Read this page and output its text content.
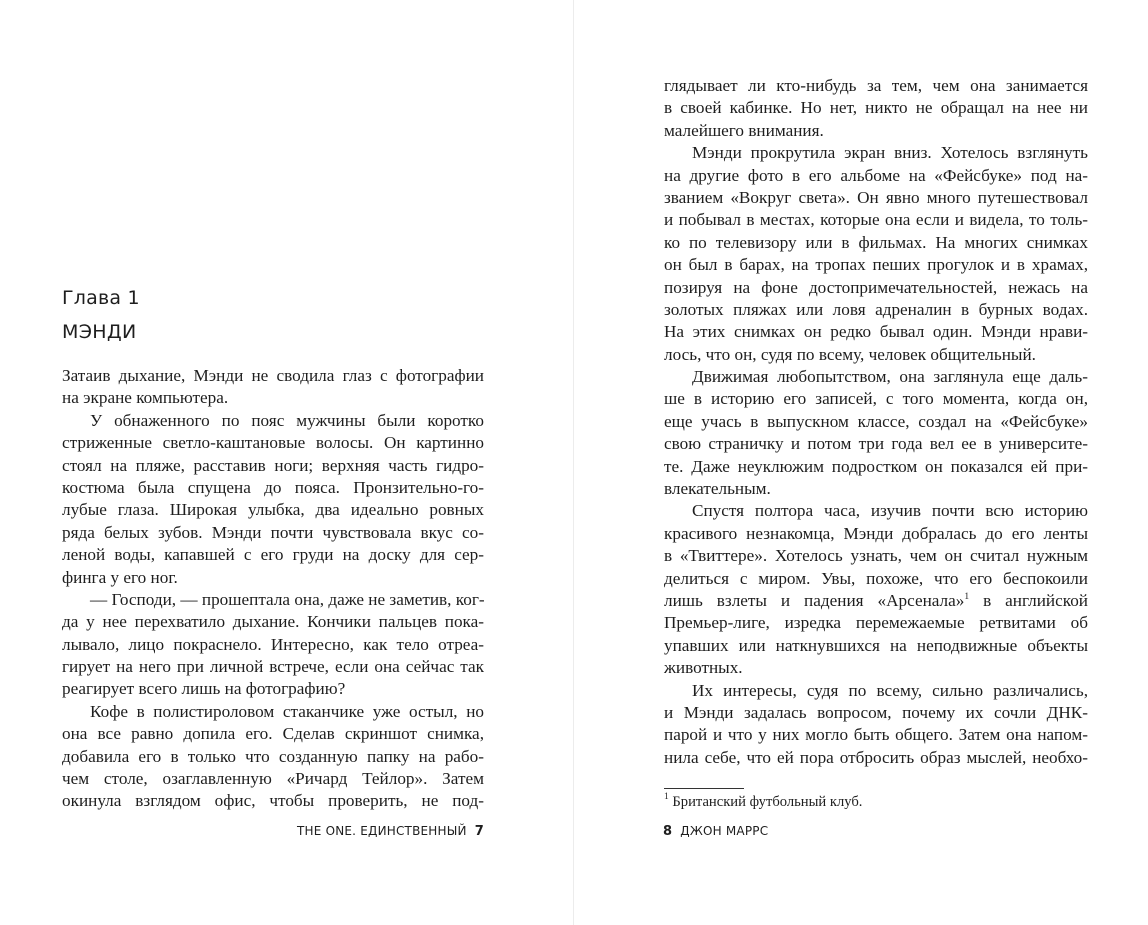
Глава 1
МЭНДИ
Затаив дыхание, Мэнди не сводила глаз с фотографии
на экране компьютера.
У обнаженного по пояс мужчины были коротко
стриженные светло-каштановые волосы. Он картинно
стоял на пляже, расставив ноги; верхняя часть гидро-
костюма была спущена до пояса. Пронзительно-го-
лубые глаза. Широкая улыбка, два идеально ровных
ряда белых зубов. Мэнди почти чувствовала вкус со-
леной воды, капавшей с его груди на доску для сер-
финга у его ног.
— Господи, — прошептала она, даже не заметив, ког-
да у нее перехватило дыхание. Кончики пальцев пока-
лывало, лицо покраснело. Интересно, как тело отреа-
гирует на него при личной встрече, если она сейчас так
реагирует всего лишь на фотографию?
Кофе в полистироловом стаканчике уже остыл, но
она все равно допила его. Сделав скриншот снимка,
добавила его в только что созданную папку на рабо-
чем столе, озаглавленную «Ричард Тейлор». Затем
окинула взглядом офис, чтобы проверить, не под-
THE ONE. ЕДИНСТВЕННЫЙ 7
глядывает ли кто-нибудь за тем, чем она занимается
в своей кабинке. Но нет, никто не обращал на нее ни
малейшего внимания.
Мэнди прокрутила экран вниз. Хотелось взглянуть
на другие фото в его альбоме на «Фейсбуке» под на-
званием «Вокруг света». Он явно много путешествовал
и побывал в местах, которые она если и видела, то толь-
ко по телевизору или в фильмах. На многих снимках
он был в барах, на тропах пеших прогулок и в храмах,
позируя на фоне достопримечательностей, нежась на
золотых пляжах или ловя адреналин в бурных водах.
На этих снимках он редко бывал один. Мэнди нрави-
лось, что он, судя по всему, человек общительный.
Движимая любопытством, она заглянула еще даль-
ше в историю его записей, с того момента, когда он,
еще учась в выпускном классе, создал на «Фейсбуке»
свою страничку и потом три года вел ее в университе-
те. Даже неуклюжим подростком он показался ей при-
влекательным.
Спустя полтора часа, изучив почти всю историю
красивого незнакомца, Мэнди добралась до его ленты
в «Твиттере». Хотелось узнать, чем он считал нужным
делиться с миром. Увы, похоже, что его беспокоили
лишь взлеты и падения «Арсенала»$^1$ в английской
Премьер-лиге, изредка перемежаемые ретвитами об
упавших или наткнувшихся на неподвижные объекты
животных.
Их интересы, судя по всему, сильно различались,
и Мэнди задалась вопросом, почему их сочли ДНК-
парой и что у них могло быть общего. Затем она напом-
нила себе, что ей пора отбросить образ мыслей, необхо-
$^1$ Британский футбольный клуб.
8 ДЖОН МАРРС
